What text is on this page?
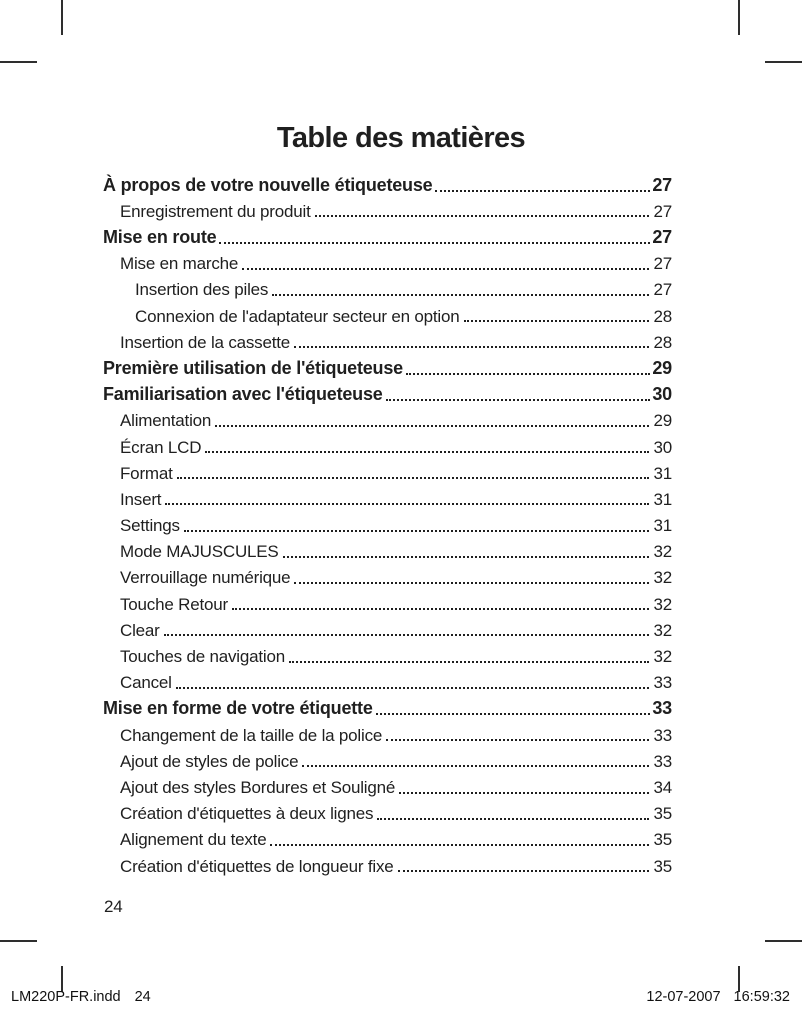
Table des matières
À propos de votre nouvelle étiqueteuse	27
Enregistrement du produit	27
Mise en route	27
Mise en marche	27
Insertion des piles	27
Connexion de l'adaptateur secteur en option	28
Insertion de la cassette	28
Première utilisation de l'étiqueteuse	29
Familiarisation avec l'étiqueteuse	30
Alimentation	29
Écran LCD	30
Format	31
Insert	31
Settings	31
Mode MAJUSCULES	32
Verrouillage numérique	32
Touche Retour	32
Clear	32
Touches de navigation	32
Cancel	33
Mise en forme de votre étiquette	33
Changement de la taille de la police	33
Ajout de styles de police	33
Ajout des styles Bordures et Souligné	34
Création d'étiquettes à deux lignes	35
Alignement du texte	35
Création d'étiquettes de longueur fixe	35
24
LM220P-FR.indd 24	12-07-2007 16:59:32
